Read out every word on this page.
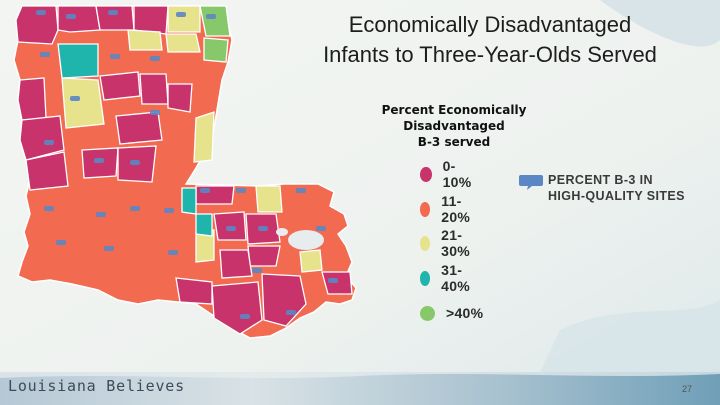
Economically Disadvantaged
Infants to Three-Year-Olds Served
Percent Economically
Disadvantaged
B-3 served
0-10%
11-20%
21-30%
31-40%
>40%
PERCENT B-3 IN
HIGH-QUALITY SITES
Louisiana Believes	27
